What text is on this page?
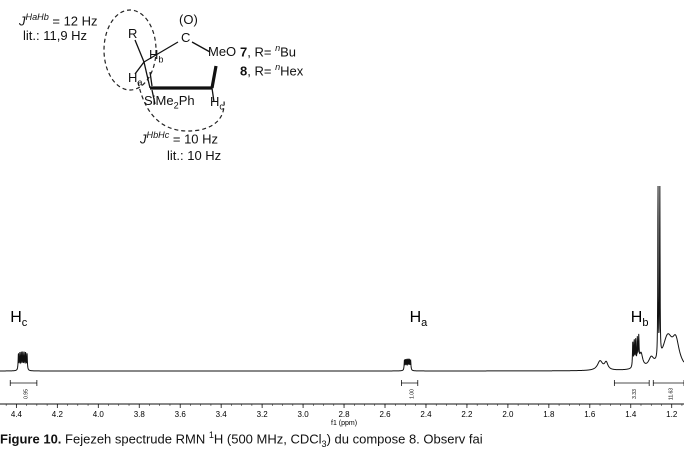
$J^{HaHb} = 12$ Hz
lit.: 11,9 Hz	R
(O)
C
MeO
$H_b$
$H_a$
$H_c$
SiMe$_2$Ph
7, R= $^n$Bu
8, R= $^n$Hex
$J^{HbHc} = 10$ Hz
lit.: 10 Hz
$H_c$	$H_a$	$H_b$
0.95	1.00	3.33	11.63
4.4	4.2	4.0	3.8	3.6	3.4	3.2	3.0	2.8	2.6	2.4	2.2	2.0	1.8	1.6	1.4	1.2
f1 (ppm)
Figure 10. Fejezeh spectrude RMN $^1$H (500 MHz, CDCl$_3$) du compose 8. Observ fai
